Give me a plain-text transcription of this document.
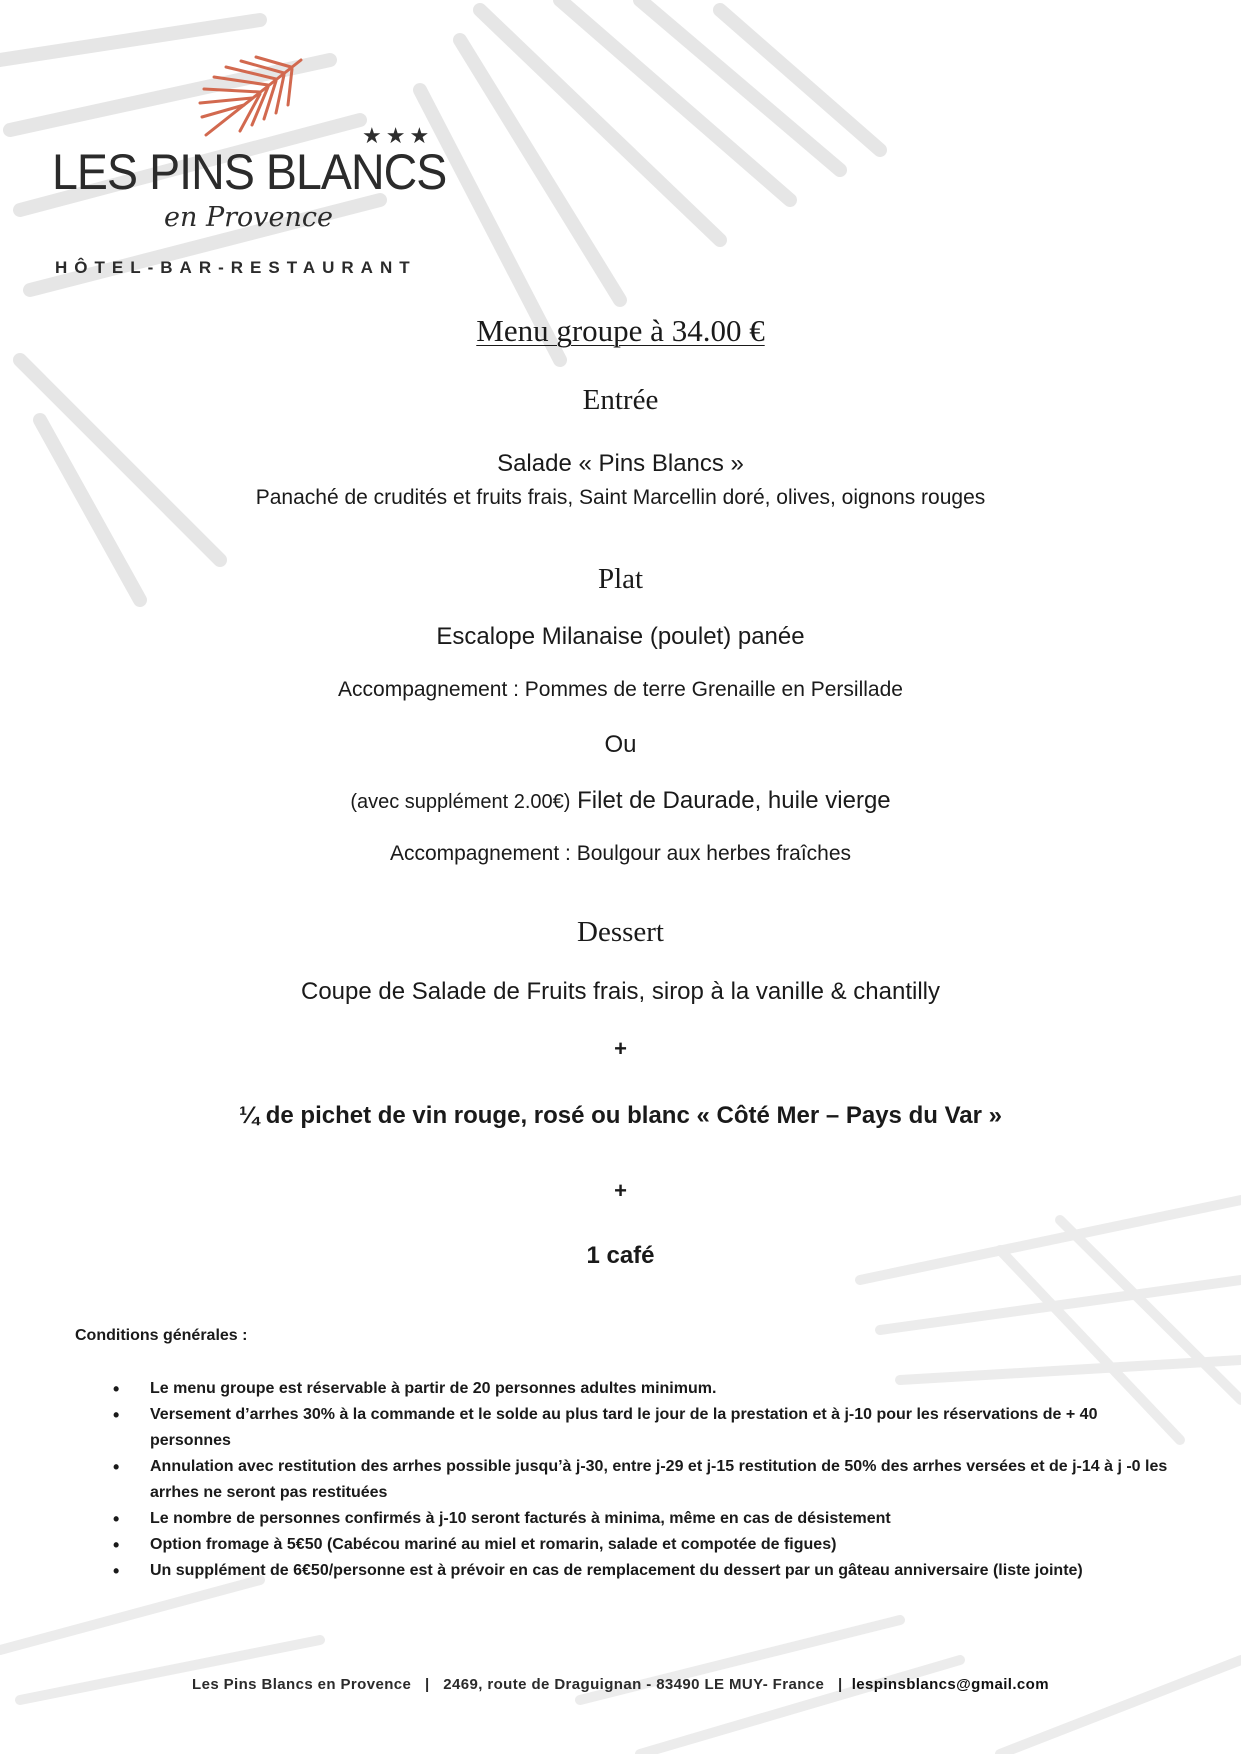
★★★
LES PINS BLANCS
en Provence
HÔTEL-BAR-RESTAURANT
Menu groupe à 34.00 €
Entrée
Salade « Pins Blancs »
Panaché de crudités et fruits frais, Saint Marcellin doré, olives, oignons rouges
Plat
Escalope Milanaise (poulet) panée
Accompagnement : Pommes de terre Grenaille en Persillade
Ou
(avec supplément 2.00€) Filet de Daurade, huile vierge
Accompagnement : Boulgour aux herbes fraîches
Dessert
Coupe de Salade de Fruits frais, sirop à la vanille & chantilly
+
¼ de pichet de vin rouge, rosé ou blanc « Côté Mer – Pays du Var »
+
1 café
Conditions générales :
• Le menu groupe est réservable à partir de 20 personnes adultes minimum.
• Versement d’arrhes 30% à la commande et le solde au plus tard le jour de la prestation et à j-10 pour les réservations de + 40 personnes
• Annulation avec restitution des arrhes possible jusqu’à j-30, entre j-29 et j-15 restitution de 50% des arrhes versées et de j-14 à j -0 les arrhes ne seront pas restituées
• Le nombre de personnes confirmés à j-10 seront facturés à minima, même en cas de désistement
• Option fromage à 5€50 (Cabécou mariné au miel et romarin, salade et compotée de figues)
• Un supplément de 6€50/personne est à prévoir en cas de remplacement du dessert par un gâteau anniversaire (liste jointe)
Les Pins Blancs en Provence | 2469, route de Draguignan - 83490 LE MUY- France | lespinsblancs@gmail.com
